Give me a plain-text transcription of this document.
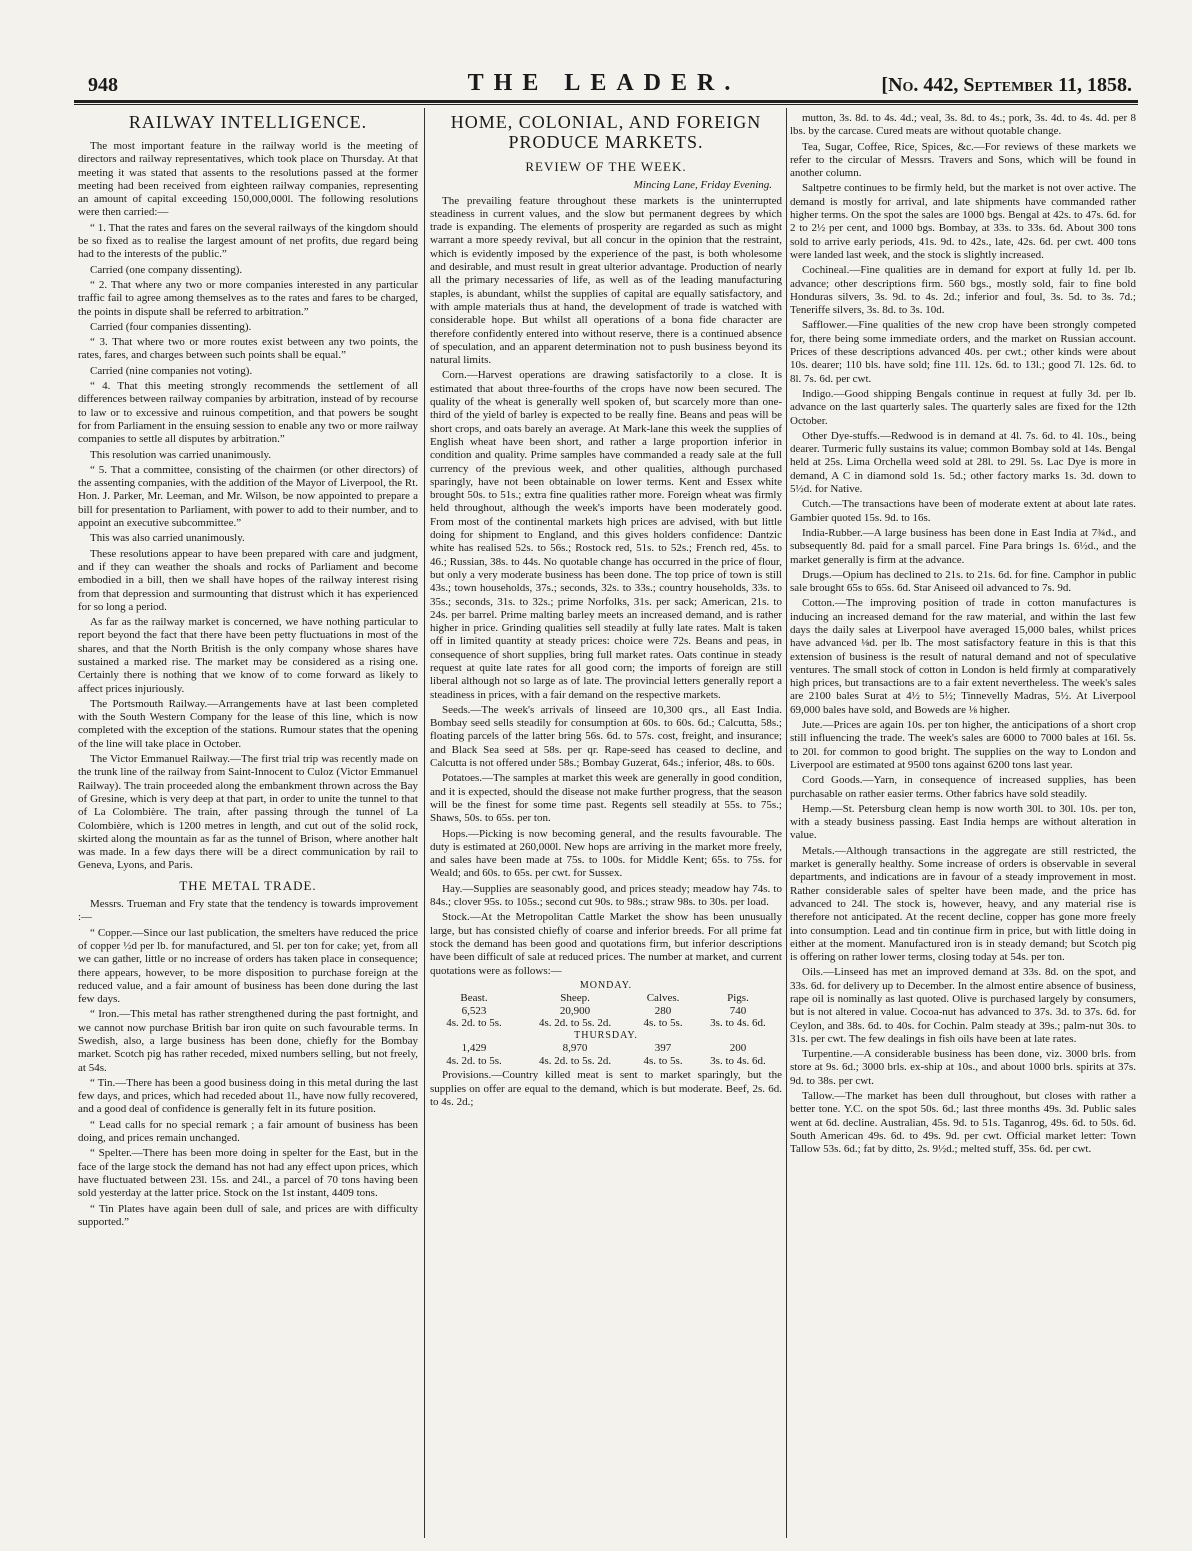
948	THE LEADER.	[No. 442, September 11, 1858.
RAILWAY INTELLIGENCE.

The most important feature in the railway world is the meeting of directors and railway representatives, which took place on Thursday. At that meeting it was stated that assents to the resolutions passed at the former meeting had been received from eighteen railway companies, representing an amount of capital exceeding 150,000,000l. The following resolutions were then carried:—

“ 1. That the rates and fares on the several railways of the kingdom should be so fixed as to realise the largest amount of net profits, due regard being had to the interests of the public.”

Carried (one company dissenting).

“ 2. That where any two or more companies interested in any particular traffic fail to agree among themselves as to the rates and fares to be charged, the points in dispute shall be referred to arbitration.”

Carried (four companies dissenting).

“ 3. That where two or more routes exist between any two points, the rates, fares, and charges between such points shall be equal.”

Carried (nine companies not voting).

“ 4. That this meeting strongly recommends the settlement of all differences between railway companies by arbitration, instead of by recourse to law or to excessive and ruinous competition, and that powers be sought for from Parliament in the ensuing session to enable any two or more railway companies to settle all disputes by arbitration.”

This resolution was carried unanimously.

“ 5. That a committee, consisting of the chairmen (or other directors) of the assenting companies, with the addition of the Mayor of Liverpool, the Rt. Hon. J. Parker, Mr. Leeman, and Mr. Wilson, be now appointed to prepare a bill for presentation to Parliament, with power to add to their number, and to appoint an executive subcommittee.”

This was also carried unanimously.

These resolutions appear to have been prepared with care and judgment, and if they can weather the shoals and rocks of Parliament and become embodied in a bill, then we shall have hopes of the railway interest rising from that depression and surmounting that distrust which it has experienced for so long a period.

As far as the railway market is concerned, we have nothing particular to report beyond the fact that there have been petty fluctuations in most of the shares, and that the North British is the only company whose shares have sustained a marked rise. The market may be considered as a rising one. Certainly there is nothing that we know of to come forward as likely to affect prices injuriously.

The Portsmouth Railway.—Arrangements have at last been completed with the South Western Company for the lease of this line, which is now completed with the exception of the stations. Rumour states that the opening of the line will take place in October.

The Victor Emmanuel Railway.—The first trial trip was recently made on the trunk line of the railway from Saint-Innocent to Culoz (Victor Emmanuel Railway). The train proceeded along the embankment thrown across the Bay of Gresine, which is very deep at that part, in order to unite the tunnel to that of La Colombière. The train, after passing through the tunnel of La Colombière, which is 1200 metres in length, and cut out of the solid rock, skirted along the mountain as far as the tunnel of Brison, where another halt was made. In a few days there will be a direct communication by rail to Geneva, Lyons, and Paris.

THE METAL TRADE.

Messrs. Trueman and Fry state that the tendency is towards improvement :—

“ Copper.—Since our last publication, the smelters have reduced the price of copper ½d per lb. for manufactured, and 5l. per ton for cake; yet, from all we can gather, little or no increase of orders has taken place in consequence; there appears, however, to be more disposition to purchase foreign at the reduced value, and a fair amount of business has been done during the last few days.

“ Iron.—This metal has rather strengthened during the past fortnight, and we cannot now purchase British bar iron quite on such favourable terms. In Swedish, also, a large business has been done, chiefly for the Bombay market. Scotch pig has rather receded, mixed numbers selling, but not freely, at 54s.

“ Tin.—There has been a good business doing in this metal during the last few days, and prices, which had receded about 1l., have now fully recovered, and a good deal of confidence is generally felt in its future position.

“ Lead calls for no special remark ; a fair amount of business has been doing, and prices remain unchanged.

“ Spelter.—There has been more doing in spelter for the East, but in the face of the large stock the demand has not had any effect upon prices, which have fluctuated between 23l. 15s. and 24l., a parcel of 70 tons having been sold yesterday at the latter price. Stock on the 1st instant, 4409 tons.

“ Tin Plates have again been dull of sale, and prices are with difficulty supported.”

HOME, COLONIAL, AND FOREIGN
PRODUCE MARKETS.
REVIEW OF THE WEEK.
Mincing Lane, Friday Evening.

The prevailing feature throughout these markets is the uninterrupted steadiness in current values, and the slow but permanent degrees by which trade is expanding. The elements of prosperity are regarded as such as might warrant a more speedy revival, but all concur in the opinion that the restraint, which is evidently imposed by the experience of the past, is both wholesome and desirable, and must result in great ulterior advantage. Production of nearly all the primary necessaries of life, as well as of the leading manufacturing staples, is abundant, whilst the supplies of capital are equally satisfactory, and with ample materials thus at hand, the development of trade is watched with considerable hope. But whilst all operations of a bona fide character are therefore confidently entered into without reserve, there is a continued absence of speculation, and an apparent determination not to push business beyond its natural limits.

Corn.—Harvest operations are drawing satisfactorily to a close. It is estimated that about three-fourths of the crops have now been secured. The quality of the wheat is generally well spoken of, but scarcely more than one-third of the yield of barley is expected to be really fine. Beans and peas will be short crops, and oats barely an average. At Mark-lane this week the supplies of English wheat have been short, and rather a large proportion inferior in condition and quality. Prime samples have commanded a ready sale at the full currency of the previous week, and other qualities, although purchased sparingly, have not been obtainable on lower terms. Kent and Essex white brought 50s. to 51s.; extra fine qualities rather more. Foreign wheat was firmly held throughout, although the week's imports have been moderately good. From most of the continental markets high prices are advised, with but little doing for shipment to England, and this gives holders confidence: Dantzic white has realised 52s. to 56s.; Rostock red, 51s. to 52s.; French red, 45s. to 46.; Russian, 38s. to 44s. No quotable change has occurred in the price of flour, but only a very moderate business has been done. The top price of town is still 43s.; town households, 37s.; seconds, 32s. to 33s.; country households, 33s. to 35s.; seconds, 31s. to 32s.; prime Norfolks, 31s. per sack; American, 21s. to 24s. per barrel. Prime malting barley meets an increased demand, and is rather higher in price. Grinding qualities sell steadily at fully late rates. Malt is taken off in limited quantity at steady prices: choice were 72s. Beans and peas, in consequence of short supplies, bring full market rates. Oats continue in steady request at quite late rates for all good corn; the imports of foreign are still liberal although not so large as of late. The provincial letters generally report a steadiness in prices, with a fair demand on the respective markets.

Seeds.—The week's arrivals of linseed are 10,300 qrs., all East India. Bombay seed sells steadily for consumption at 60s. to 60s. 6d.; Calcutta, 58s.; floating parcels of the latter bring 56s. 6d. to 57s. cost, freight, and insurance; and Black Sea seed at 58s. per qr. Rape-seed has ceased to decline, and Calcutta is not offered under 58s.; Bombay Guzerat, 64s.; inferior, 48s. to 60s.

Potatoes.—The samples at market this week are generally in good condition, and it is expected, should the disease not make further progress, that the season will be the finest for some time past. Regents sell steadily at 55s. to 75s.; Shaws, 50s. to 65s. per ton.

Hops.—Picking is now becoming general, and the results favourable. The duty is estimated at 260,000l. New hops are arriving in the market more freely, and sales have been made at 75s. to 100s. for Middle Kent; 65s. to 75s. for Weald; and 60s. to 65s. per cwt. for Sussex.

Hay.—Supplies are seasonably good, and prices steady; meadow hay 74s. to 84s.; clover 95s. to 105s.; second cut 90s. to 98s.; straw 98s. to 30s. per load.

Stock.—At the Metropolitan Cattle Market the show has been unusually large, but has consisted chiefly of coarse and inferior breeds. For all prime fat stock the demand has been good and quotations firm, but inferior descriptions have been difficult of sale at reduced prices. The number at market, and current quotations were as follows:—

MONDAY.			
Beast.	Sheep.	Calves.	Pigs.
6,523	20,900	280	740
4s. 2d. to 5s.	4s. 2d. to 5s. 2d.	4s. to 5s.	3s. to 4s. 6d.
THURSDAY.			
1,429	8,970	397	200
4s. 2d. to 5s.	4s. 2d. to 5s. 2d.	4s. to 5s.	3s. to 4s. 6d.

Provisions.—Country killed meat is sent to market sparingly, but the supplies on offer are equal to the demand, which is but moderate. Beef, 2s. 6d. to 4s. 2d.;

mutton, 3s. 8d. to 4s. 4d.; veal, 3s. 8d. to 4s.; pork, 3s. 4d. to 4s. 4d. per 8 lbs. by the carcase. Cured meats are without quotable change.

Tea, Sugar, Coffee, Rice, Spices, &c.—For reviews of these markets we refer to the circular of Messrs. Travers and Sons, which will be found in another column.

Saltpetre continues to be firmly held, but the market is not over active. The demand is mostly for arrival, and late shipments have commanded rather higher terms. On the spot the sales are 1000 bgs. Bengal at 42s. to 47s. 6d. for 2 to 2½ per cent, and 1000 bgs. Bombay, at 33s. to 33s. 6d. About 300 tons sold to arrive early periods, 41s. 9d. to 42s., late, 42s. 6d. per cwt. 400 tons were landed last week, and the stock is slightly increased.

Cochineal.—Fine qualities are in demand for export at fully 1d. per lb. advance; other descriptions firm. 560 bgs., mostly sold, fair to fine bold Honduras silvers, 3s. 9d. to 4s. 2d.; inferior and foul, 3s. 5d. to 3s. 7d.; Teneriffe silvers, 3s. 8d. to 3s. 10d.

Safflower.—Fine qualities of the new crop have been strongly competed for, there being some immediate orders, and the market on Russian account. Prices of these descriptions advanced 40s. per cwt.; other kinds were about 10s. dearer; 110 bls. have sold; fine 11l. 12s. 6d. to 13l.; good 7l. 12s. 6d. to 8l. 7s. 6d. per cwt.

Indigo.—Good shipping Bengals continue in request at fully 3d. per lb. advance on the last quarterly sales. The quarterly sales are fixed for the 12th October.

Other Dye-stuffs.—Redwood is in demand at 4l. 7s. 6d. to 4l. 10s., being dearer. Turmeric fully sustains its value; common Bombay sold at 14s. Bengal held at 25s. Lima Orchella weed sold at 28l. to 29l. 5s. Lac Dye is more in demand, A C in diamond sold 1s. 5d.; other factory marks 1s. 3d. down to 5½d. for Native.

Cutch.—The transactions have been of moderate extent at about late rates. Gambier quoted 15s. 9d. to 16s.

India-Rubber.—A large business has been done in East India at 7¾d., and subsequently 8d. paid for a small parcel. Fine Para brings 1s. 6½d., and the market generally is firm at the advance.

Drugs.—Opium has declined to 21s. to 21s. 6d. for fine. Camphor in public sale brought 65s to 65s. 6d. Star Aniseed oil advanced to 7s. 9d.

Cotton.—The improving position of trade in cotton manufactures is inducing an increased demand for the raw material, and within the last few days the daily sales at Liverpool have averaged 15,000 bales, whilst prices have advanced ⅛d. per lb. The most satisfactory feature in this is that this extension of business is the result of natural demand and not of speculative ventures. The small stock of cotton in London is held firmly at comparatively high prices, but transactions are to a fair extent nevertheless. The week's sales are 2100 bales Surat at 4½ to 5½; Tinnevelly Madras, 5½. At Liverpool 69,000 bales have sold, and Boweds are ⅛ higher.

Jute.—Prices are again 10s. per ton higher, the anticipations of a short crop still influencing the trade. The week's sales are 6000 to 7000 bales at 16l. 5s. to 20l. for common to good bright. The supplies on the way to London and Liverpool are estimated at 9500 tons against 6200 tons last year.

Cord Goods.—Yarn, in consequence of increased supplies, has been purchasable on rather easier terms. Other fabrics have sold steadily.

Hemp.—St. Petersburg clean hemp is now worth 30l. to 30l. 10s. per ton, with a steady business passing. East India hemps are without alteration in value.

Metals.—Although transactions in the aggregate are still restricted, the market is generally healthy. Some increase of orders is observable in several departments, and indications are in favour of a steady improvement in most. Rather considerable sales of spelter have been made, and the price has advanced to 24l. The stock is, however, heavy, and any material rise is therefore not anticipated. At the recent decline, copper has gone more freely into consumption. Lead and tin continue firm in price, but with little doing in either at the moment. Manufactured iron is in steady demand; but Scotch pig is offering on rather lower terms, closing today at 54s. per ton.

Oils.—Linseed has met an improved demand at 33s. 8d. on the spot, and 33s. 6d. for delivery up to December. In the almost entire absence of business, rape oil is nominally as last quoted. Olive is purchased largely by consumers, but is not altered in value. Cocoa-nut has advanced to 37s. 3d. to 37s. 6d. for Ceylon, and 38s. 6d. to 40s. for Cochin. Palm steady at 39s.; palm-nut 30s. to 31s. per cwt. The few dealings in fish oils have been at late rates.

Turpentine.—A considerable business has been done, viz. 3000 brls. from store at 9s. 6d.; 3000 brls. ex-ship at 10s., and about 1000 brls. spirits at 37s. 9d. to 38s. per cwt.

Tallow.—The market has been dull throughout, but closes with rather a better tone. Y.C. on the spot 50s. 6d.; last three months 49s. 3d. Public sales went at 6d. decline. Australian, 45s. 9d. to 51s. Taganrog, 49s. 6d. to 50s. 6d. South American 49s. 6d. to 49s. 9d. per cwt. Official market letter: Town Tallow 53s. 6d.; fat by ditto, 2s. 9½d.; melted stuff, 35s. 6d. per cwt.
